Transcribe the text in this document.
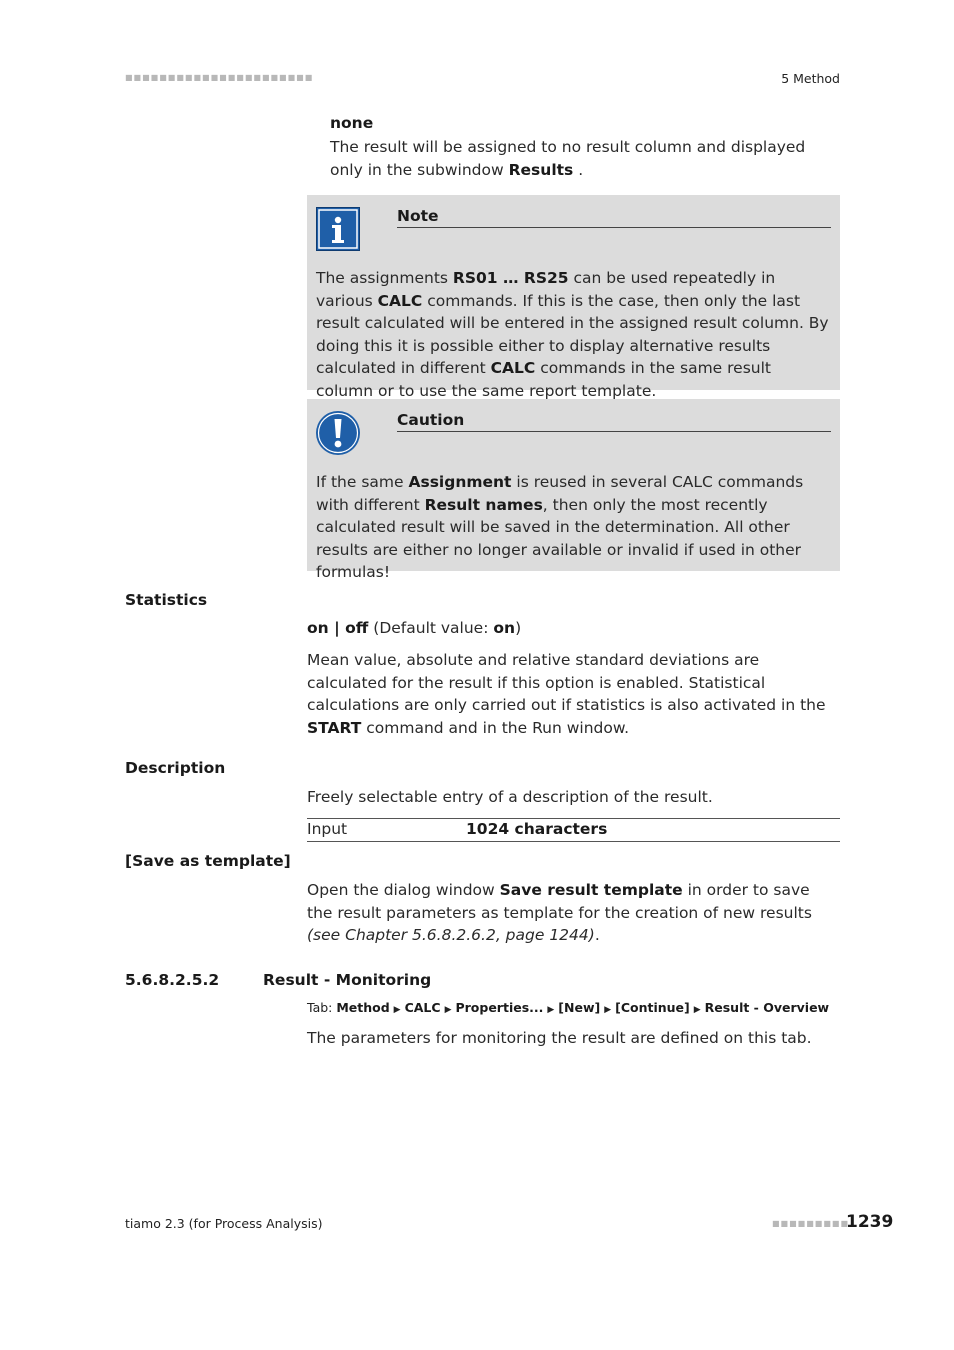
■■■■■■■■■■■■■■■■■■■■■■	5 Method
none
The result will be assigned to no result column and displayed only in the subwindow Results .
Note
The assignments RS01 … RS25 can be used repeatedly in various CALC commands. If this is the case, then only the last result calculated will be entered in the assigned result column. By doing this it is possible either to display alternative results calculated in different CALC commands in the same result column or to use the same report template.
Caution
If the same Assignment is reused in several CALC commands with different Result names, then only the most recently calculated result will be saved in the determination. All other results are either no longer available or invalid if used in other formulas!
Statistics
on | off (Default value: on)
Mean value, absolute and relative standard deviations are calculated for the result if this option is enabled. Statistical calculations are only carried out if statistics is also activated in the START command and in the Run window.
Description
Freely selectable entry of a description of the result.
Input	1024 characters
[Save as template]
Open the dialog window Save result template in order to save the result parameters as template for the creation of new results (see Chapter 5.6.8.2.6.2, page 1244).
5.6.8.2.5.2	Result - Monitoring
Tab: Method ▶ CALC ▶ Properties... ▶ [New] ▶ [Continue] ▶ Result - Overview
The parameters for monitoring the result are defined on this tab.
tiamo 2.3 (for Process Analysis)	■■■■■■■■■
1239
